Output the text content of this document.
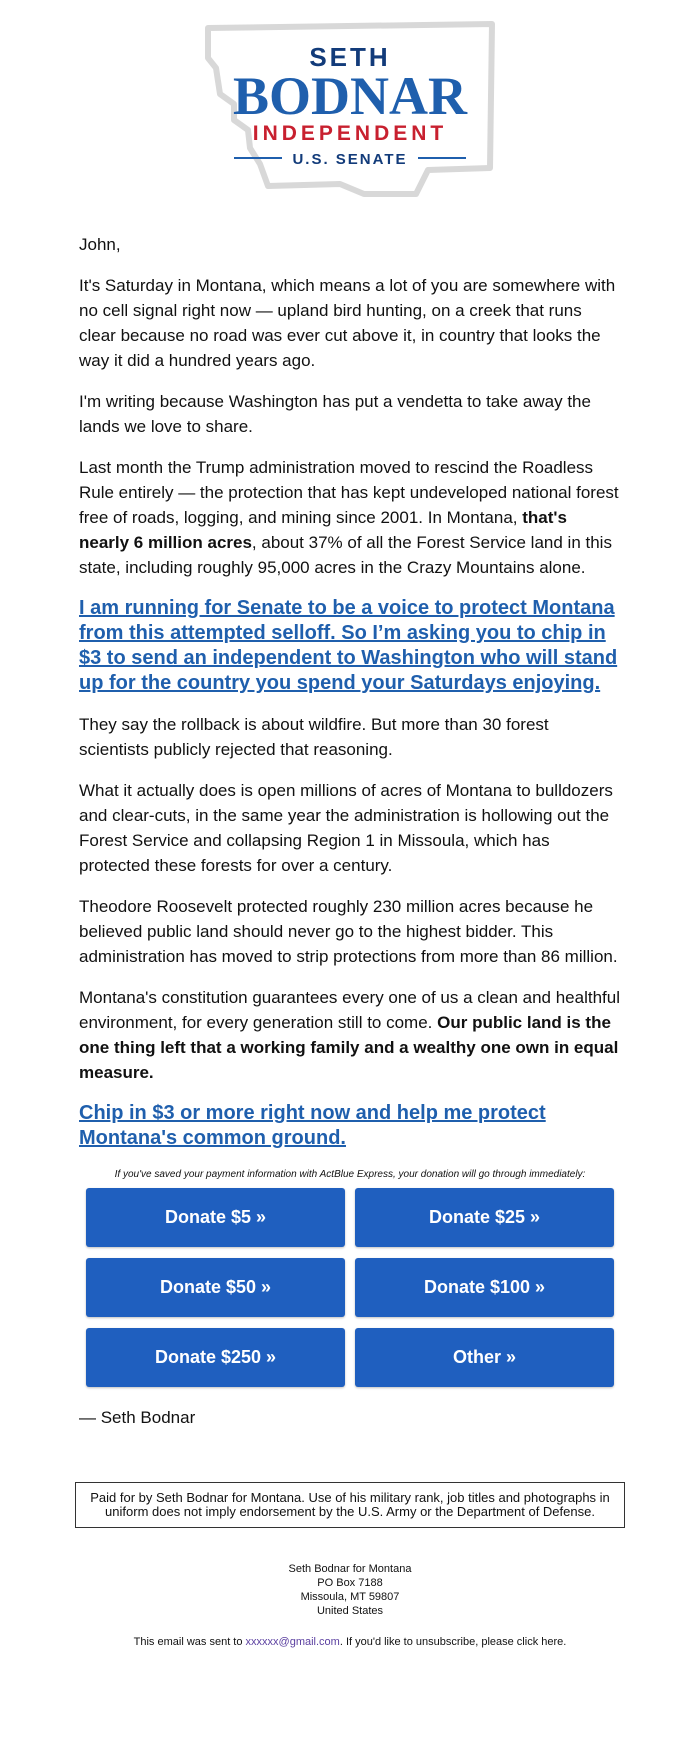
SETH
BODNAR
INDEPENDENT
U.S. SENATE

John,

It's Saturday in Montana, which means a lot of you are somewhere with no cell signal right now — upland bird hunting, on a creek that runs clear because no road was ever cut above it, in country that looks the way it did a hundred years ago.

I'm writing because Washington has put a vendetta to take away the lands we love to share.

Last month the Trump administration moved to rescind the Roadless Rule entirely — the protection that has kept undeveloped national forest free of roads, logging, and mining since 2001. In Montana, that's nearly 6 million acres, about 37% of all the Forest Service land in this state, including roughly 95,000 acres in the Crazy Mountains alone.

I am running for Senate to be a voice to protect Montana from this attempted selloff. So I’m asking you to chip in $3 to send an independent to Washington who will stand up for the country you spend your Saturdays enjoying.

They say the rollback is about wildfire. But more than 30 forest scientists publicly rejected that reasoning.

What it actually does is open millions of acres of Montana to bulldozers and clear-cuts, in the same year the administration is hollowing out the Forest Service and collapsing Region 1 in Missoula, which has protected these forests for over a century.

Theodore Roosevelt protected roughly 230 million acres because he believed public land should never go to the highest bidder. This administration has moved to strip protections from more than 86 million.

Montana's constitution guarantees every one of us a clean and healthful environment, for every generation still to come. Our public land is the one thing left that a working family and a wealthy one own in equal measure.

Chip in $3 or more right now and help me protect Montana's common ground.

If you've saved your payment information with ActBlue Express, your donation will go through immediately:

Donate $5 »	Donate $25 »
Donate $50 »	Donate $100 »
Donate $250 »	Other »

— Seth Bodnar

Paid for by Seth Bodnar for Montana. Use of his military rank, job titles and photographs in uniform does not imply endorsement by the U.S. Army or the Department of Defense.
Seth Bodnar for Montana
PO Box 7188
Missoula, MT 59807
United States
This email was sent to xxxxxx@gmail.com. If you'd like to unsubscribe, please click here.
